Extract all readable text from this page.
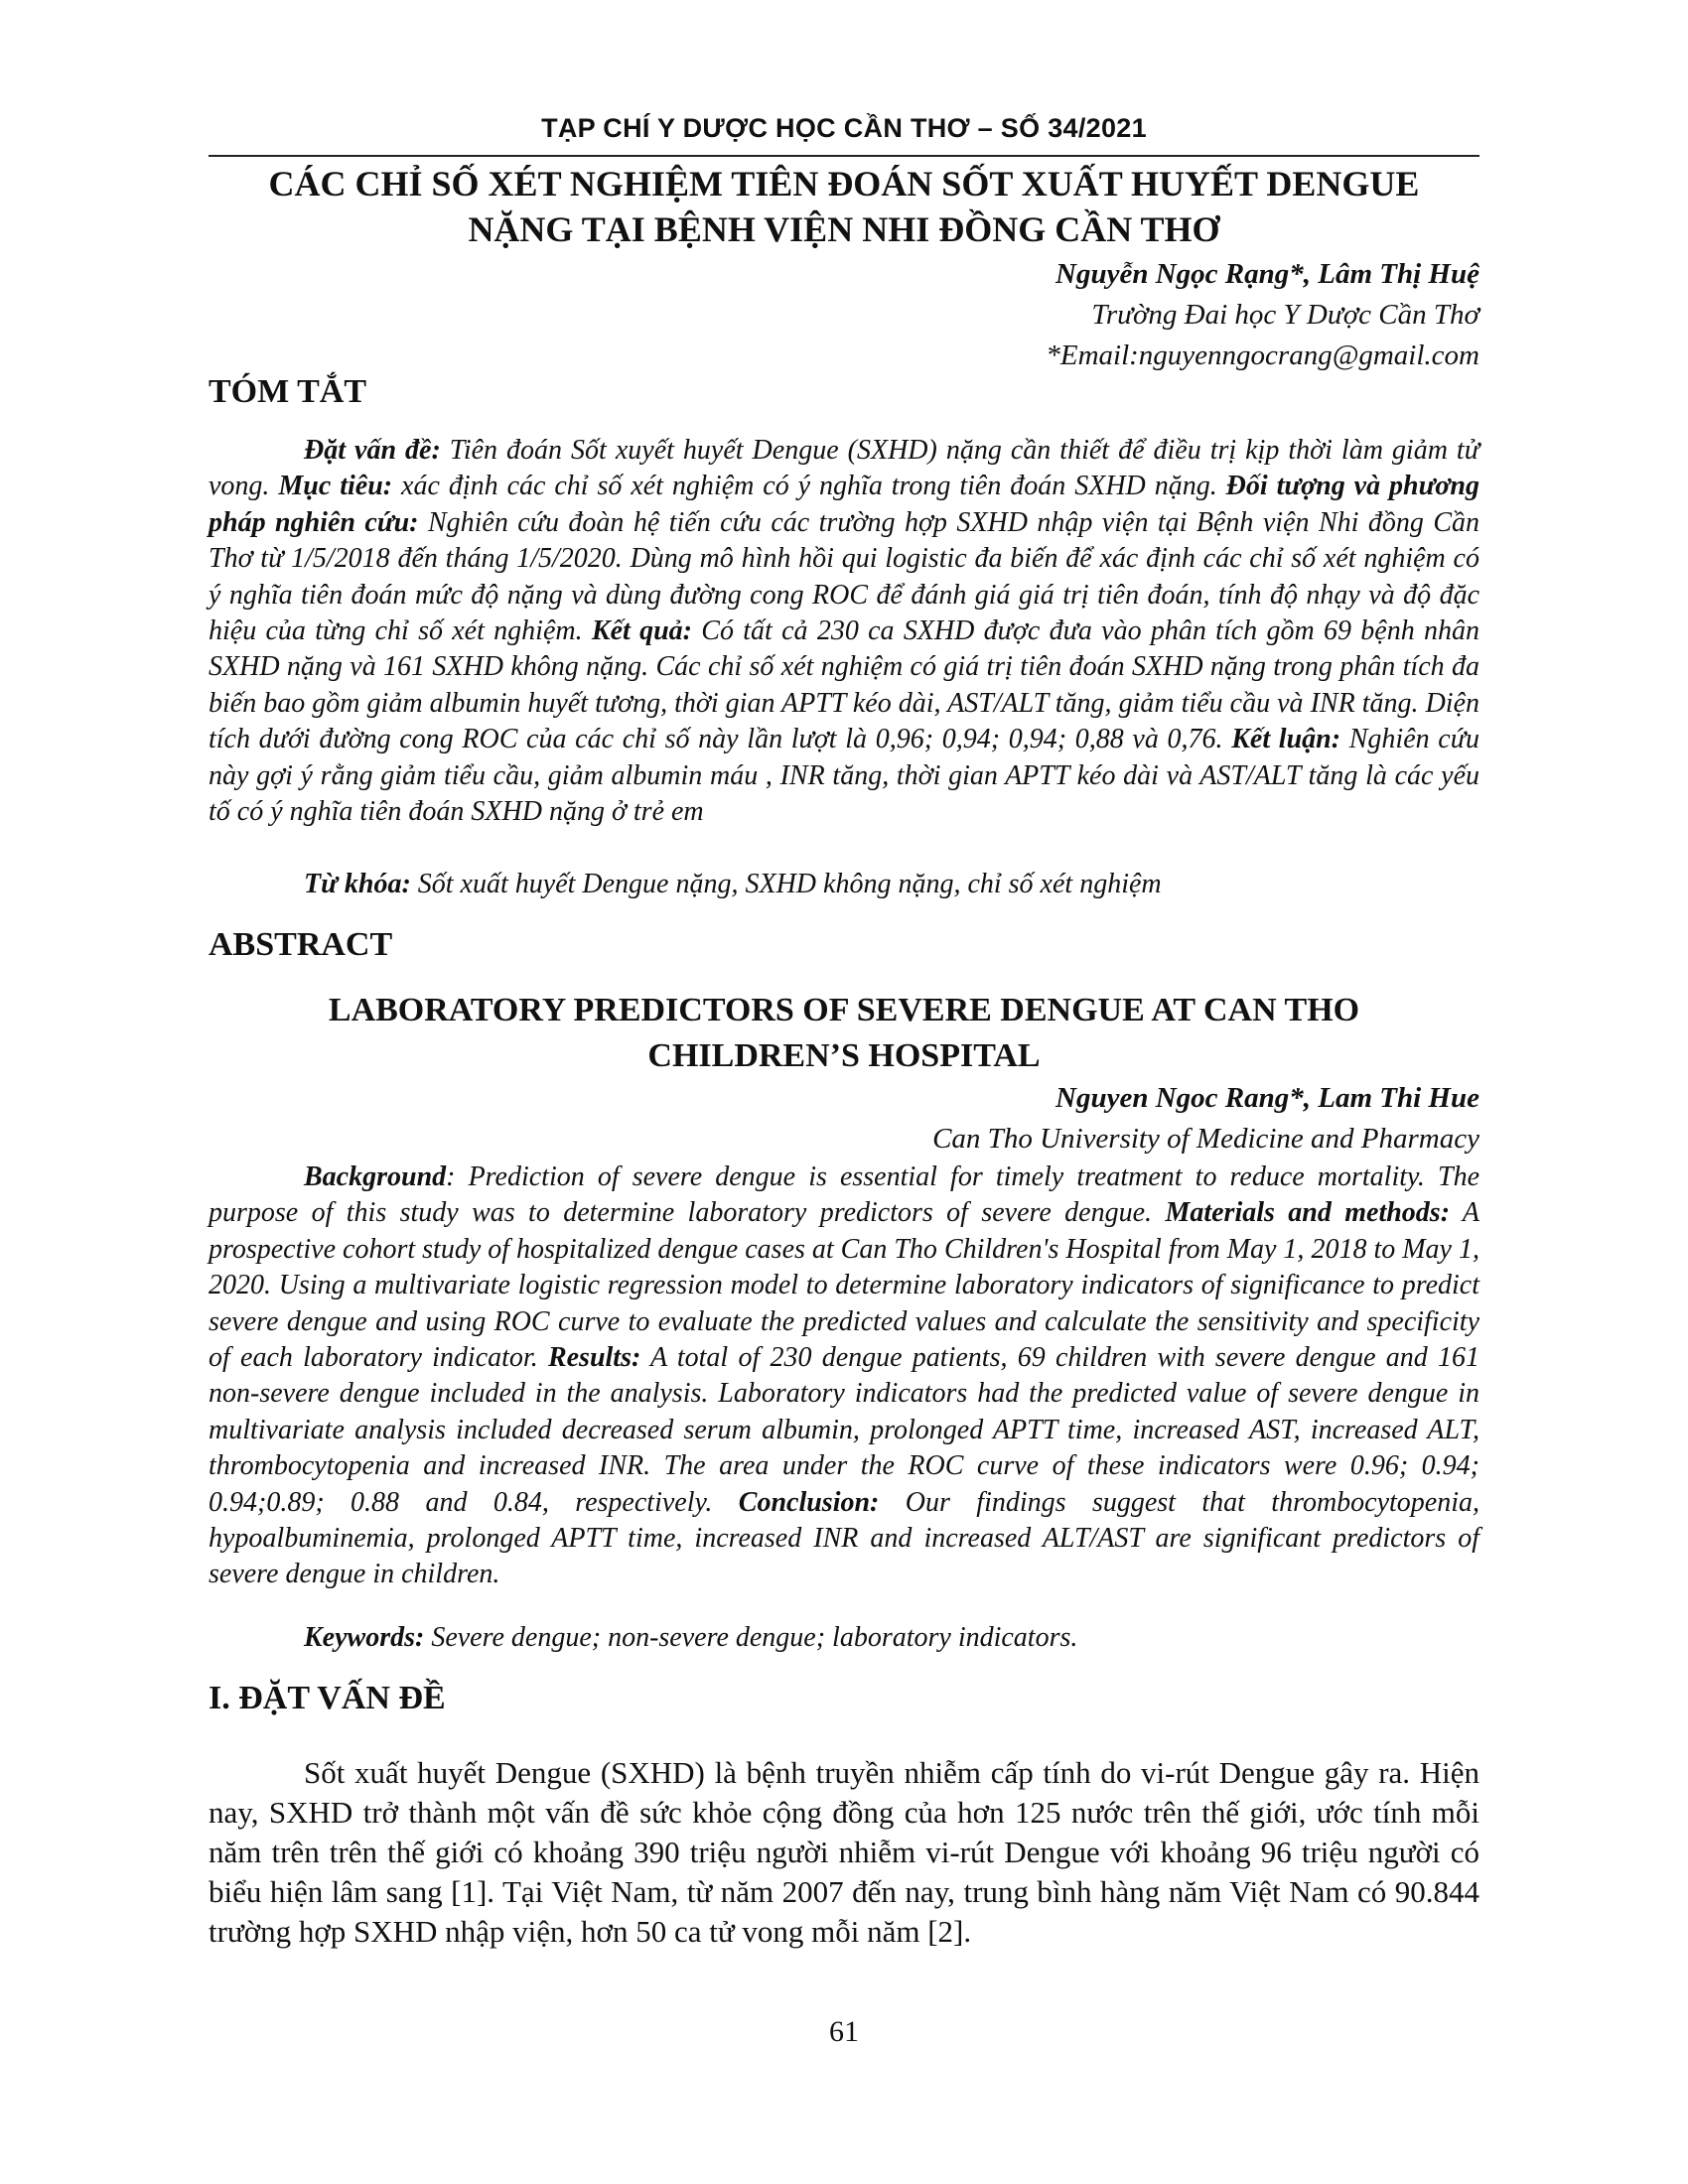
TẠP CHÍ Y DƯỢC HỌC CẦN THƠ – SỐ 34/2021
CÁC CHỈ SỐ XÉT NGHIỆM TIÊN ĐOÁN SỐT XUẤT HUYẾT DENGUE
NẶNG TẠI BỆNH VIỆN NHI ĐỒNG CẦN THƠ
Nguyễn Ngọc Rạng*, Lâm Thị Huệ
Trường Đai học Y Dược Cần Thơ
*Email:nguyenngocrang@gmail.com
TÓM TẮT
Đặt vấn đề: Tiên đoán Sốt xuyết huyết Dengue (SXHD) nặng cần thiết để điều trị kịp thời làm giảm tử vong. Mục tiêu: xác định các chỉ số xét nghiệm có ý nghĩa trong tiên đoán SXHD nặng. Đối tượng và phương pháp nghiên cứu: Nghiên cứu đoàn hệ tiến cứu các trường hợp SXHD nhập viện tại Bệnh viện Nhi đồng Cần Thơ từ 1/5/2018 đến tháng 1/5/2020. Dùng mô hình hồi qui logistic đa biến để xác định các chỉ số xét nghiệm có ý nghĩa tiên đoán mức độ nặng và dùng đường cong ROC để đánh giá giá trị tiên đoán, tính độ nhạy và độ đặc hiệu của từng chỉ số xét nghiệm. Kết quả: Có tất cả 230 ca SXHD được đưa vào phân tích gồm 69 bệnh nhân SXHD nặng và 161 SXHD không nặng. Các chỉ số xét nghiệm có giá trị tiên đoán SXHD nặng trong phân tích đa biến bao gồm giảm albumin huyết tương, thời gian APTT kéo dài, AST/ALT tăng, giảm tiểu cầu và INR tăng. Diện tích dưới đường cong ROC của các chỉ số này lần lượt là 0,96; 0,94; 0,94; 0,88 và 0,76. Kết luận: Nghiên cứu này gợi ý rằng giảm tiểu cầu, giảm albumin máu , INR tăng, thời gian APTT kéo dài và AST/ALT tăng là các yếu tố có ý nghĩa tiên đoán SXHD nặng ở trẻ em
Từ khóa: Sốt xuất huyết Dengue nặng, SXHD không nặng, chỉ số xét nghiệm
ABSTRACT
LABORATORY PREDICTORS OF SEVERE DENGUE AT CAN THO
CHILDREN’S HOSPITAL
Nguyen Ngoc Rang*, Lam Thi Hue
Can Tho University of Medicine and Pharmacy
Background: Prediction of severe dengue is essential for timely treatment to reduce mortality. The purpose of this study was to determine laboratory predictors of severe dengue. Materials and methods: A prospective cohort study of hospitalized dengue cases at Can Tho Children's Hospital from May 1, 2018 to May 1, 2020. Using a multivariate logistic regression model to determine laboratory indicators of significance to predict severe dengue and using ROC curve to evaluate the predicted values and calculate the sensitivity and specificity of each laboratory indicator. Results: A total of 230 dengue patients, 69 children with severe dengue and 161 non-severe dengue included in the analysis. Laboratory indicators had the predicted value of severe dengue in multivariate analysis included decreased serum albumin, prolonged APTT time, increased AST, increased ALT, thrombocytopenia and increased INR. The area under the ROC curve of these indicators were 0.96; 0.94; 0.94;0.89; 0.88 and 0.84, respectively. Conclusion: Our findings suggest that thrombocytopenia, hypoalbuminemia, prolonged APTT time, increased INR and increased ALT/AST are significant predictors of severe dengue in children.
Keywords: Severe dengue; non-severe dengue; laboratory indicators.
I. ĐẶT VẤN ĐỀ
Sốt xuất huyết Dengue (SXHD) là bệnh truyền nhiễm cấp tính do vi-rút Dengue gây ra. Hiện nay, SXHD trở thành một vấn đề sức khỏe cộng đồng của hơn 125 nước trên thế giới, ước tính mỗi năm trên trên thế giới có khoảng 390 triệu người nhiễm vi-rút Dengue với khoảng 96 triệu người có biểu hiện lâm sang [1]. Tại Việt Nam, từ năm 2007 đến nay, trung bình hàng năm Việt Nam có 90.844 trường hợp SXHD nhập viện, hơn 50 ca tử vong mỗi năm [2].
61
